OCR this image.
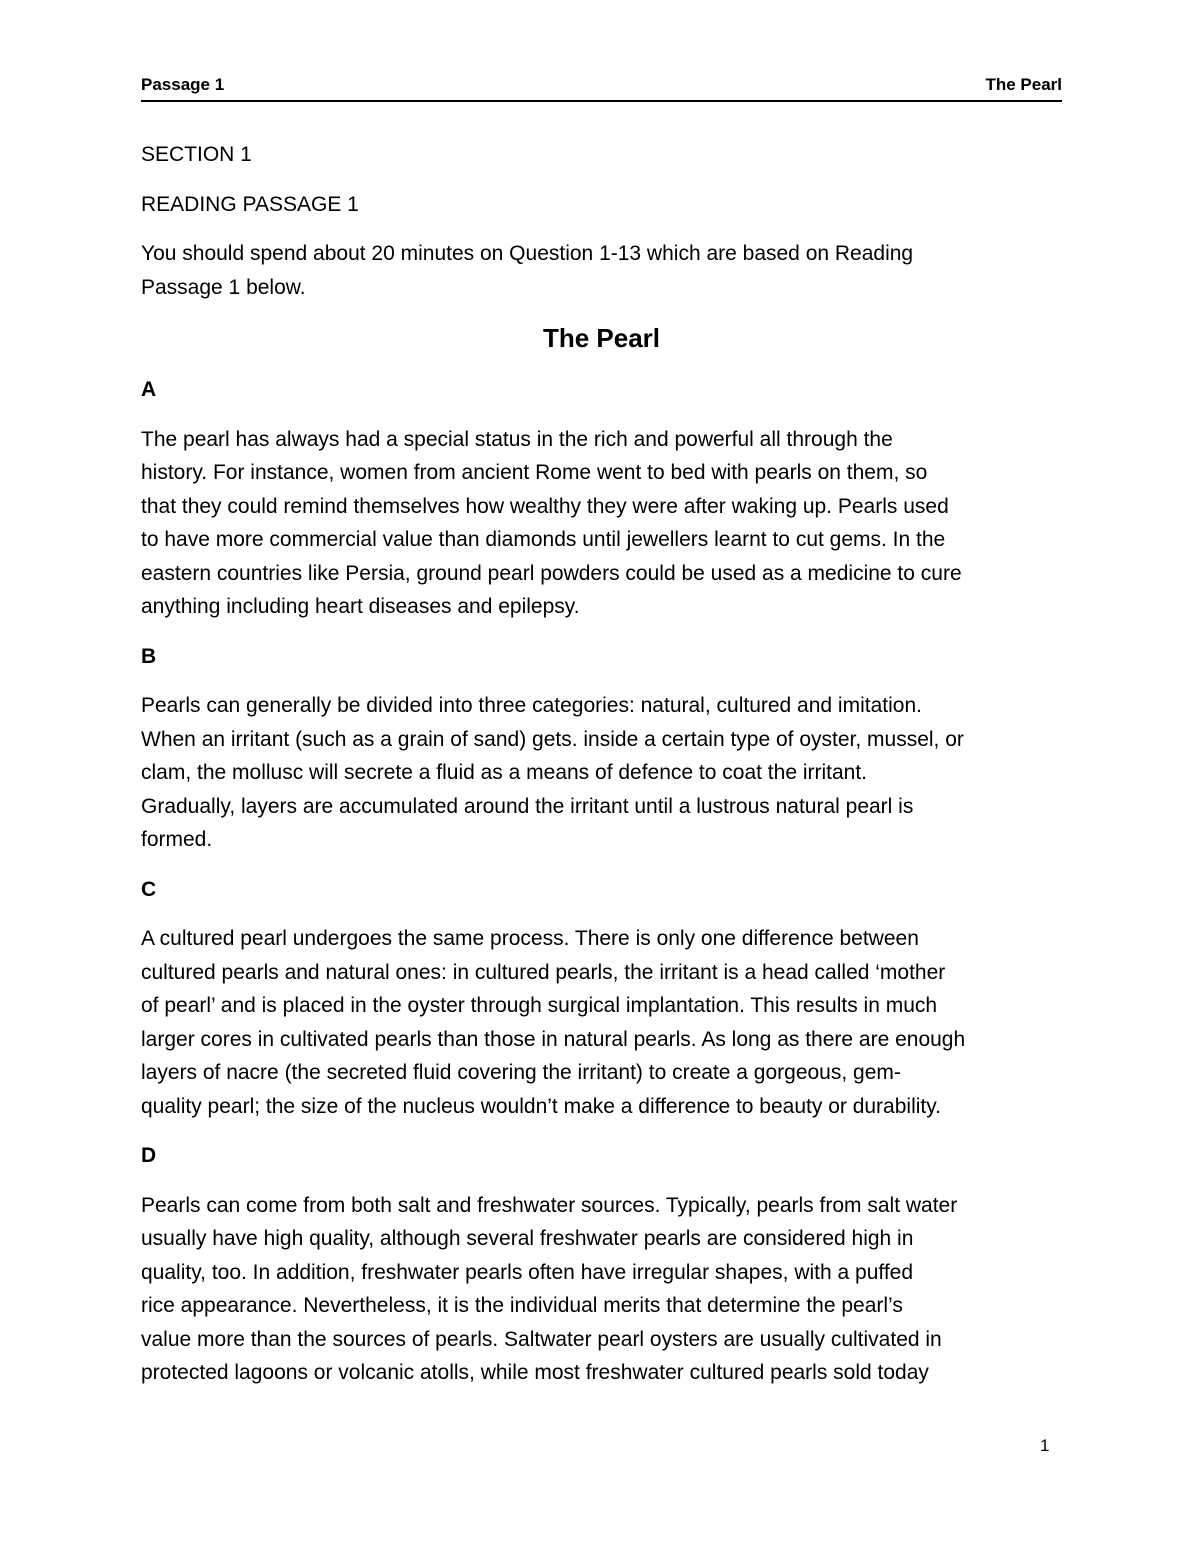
Passage 1	The Pearl

SECTION 1

READING PASSAGE 1

You should spend about 20 minutes on Question 1-13 which are based on Reading
Passage 1 below.

The Pearl

A

The pearl has always had a special status in the rich and powerful all through the
history. For instance, women from ancient Rome went to bed with pearls on them, so
that they could remind themselves how wealthy they were after waking up. Pearls used
to have more commercial value than diamonds until jewellers learnt to cut gems. In the
eastern countries like Persia, ground pearl powders could be used as a medicine to cure
anything including heart diseases and epilepsy.

B

Pearls can generally be divided into three categories: natural, cultured and imitation.
When an irritant (such as a grain of sand) gets. inside a certain type of oyster, mussel, or
clam, the mollusc will secrete a fluid as a means of defence to coat the irritant.
Gradually, layers are accumulated around the irritant until a lustrous natural pearl is
formed.

C

A cultured pearl undergoes the same process. There is only one difference between
cultured pearls and natural ones: in cultured pearls, the irritant is a head called ‘mother
of pearl’ and is placed in the oyster through surgical implantation. This results in much
larger cores in cultivated pearls than those in natural pearls. As long as there are enough
layers of nacre (the secreted fluid covering the irritant) to create a gorgeous, gem-
quality pearl; the size of the nucleus wouldn’t make a difference to beauty or durability.

D

Pearls can come from both salt and freshwater sources. Typically, pearls from salt water
usually have high quality, although several freshwater pearls are considered high in
quality, too. In addition, freshwater pearls often have irregular shapes, with a puffed
rice appearance. Nevertheless, it is the individual merits that determine the pearl’s
value more than the sources of pearls. Saltwater pearl oysters are usually cultivated in
protected lagoons or volcanic atolls, while most freshwater cultured pearls sold today

1
